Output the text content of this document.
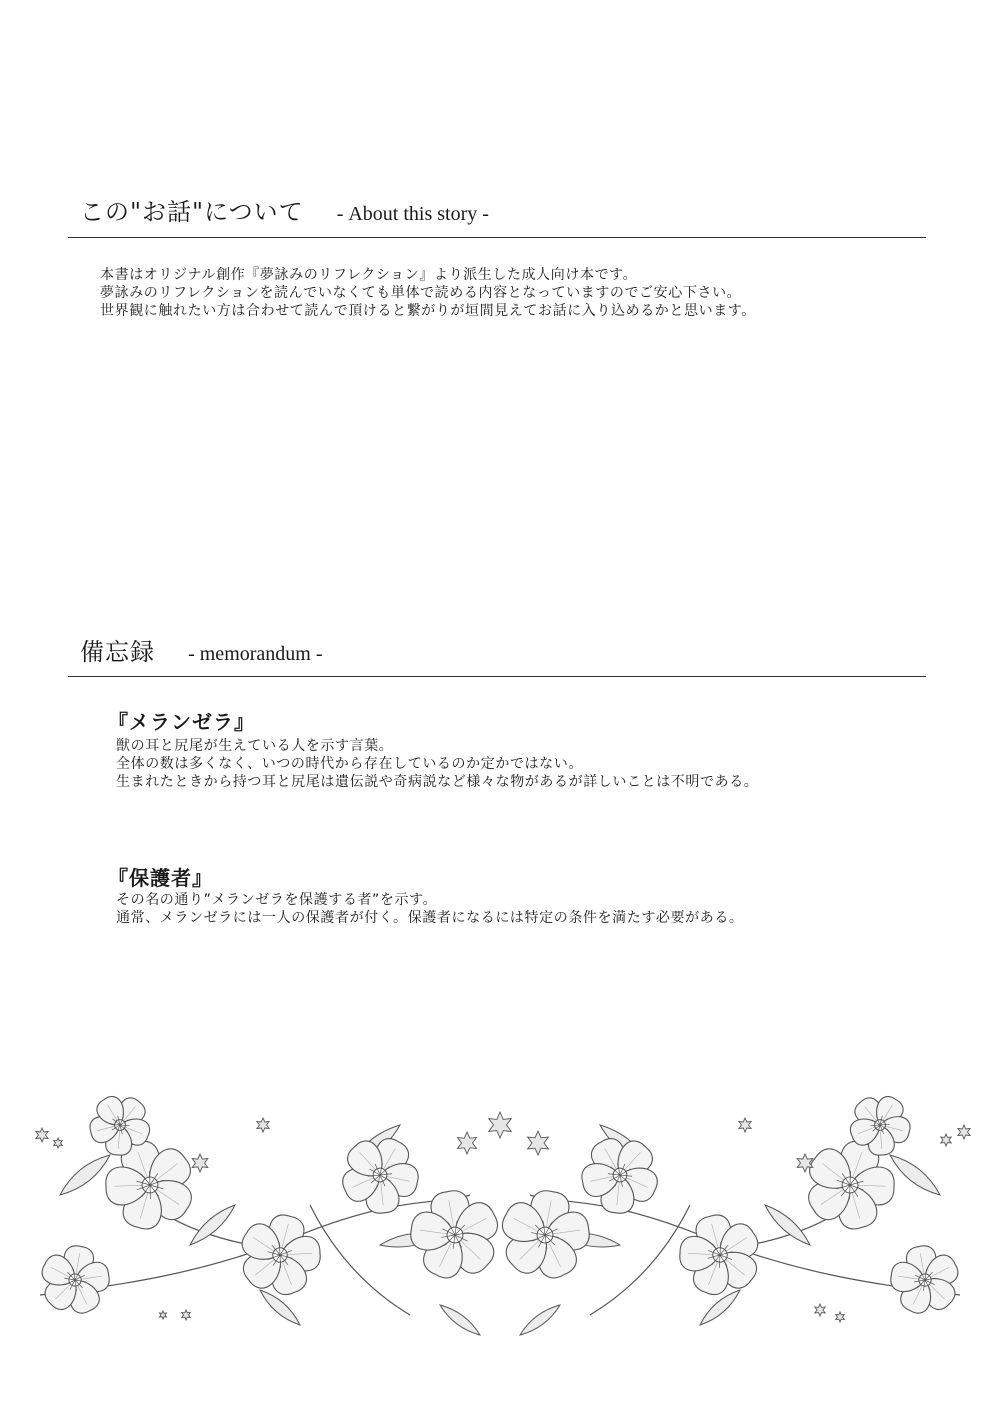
この"お話"について - About this story -
本書はオリジナル創作『夢詠みのリフレクション』より派生した成人向け本です。
夢詠みのリフレクションを読んでいなくても単体で読める内容となっていますのでご安心下さい。
世界観に触れたい方は合わせて読んで頂けると繋がりが垣間見えてお話に入り込めるかと思います。
備忘録 - memorandum -
『メランゼラ』
獣の耳と尻尾が生えている人を示す言葉。
全体の数は多くなく、いつの時代から存在しているのか定かではない。
生まれたときから持つ耳と尻尾は遺伝説や奇病説など様々な物があるが詳しいことは不明である。
『保護者』
その名の通り”メランゼラを保護する者”を示す。
通常、メランゼラには一人の保護者が付く。保護者になるには特定の条件を満たす必要がある。
